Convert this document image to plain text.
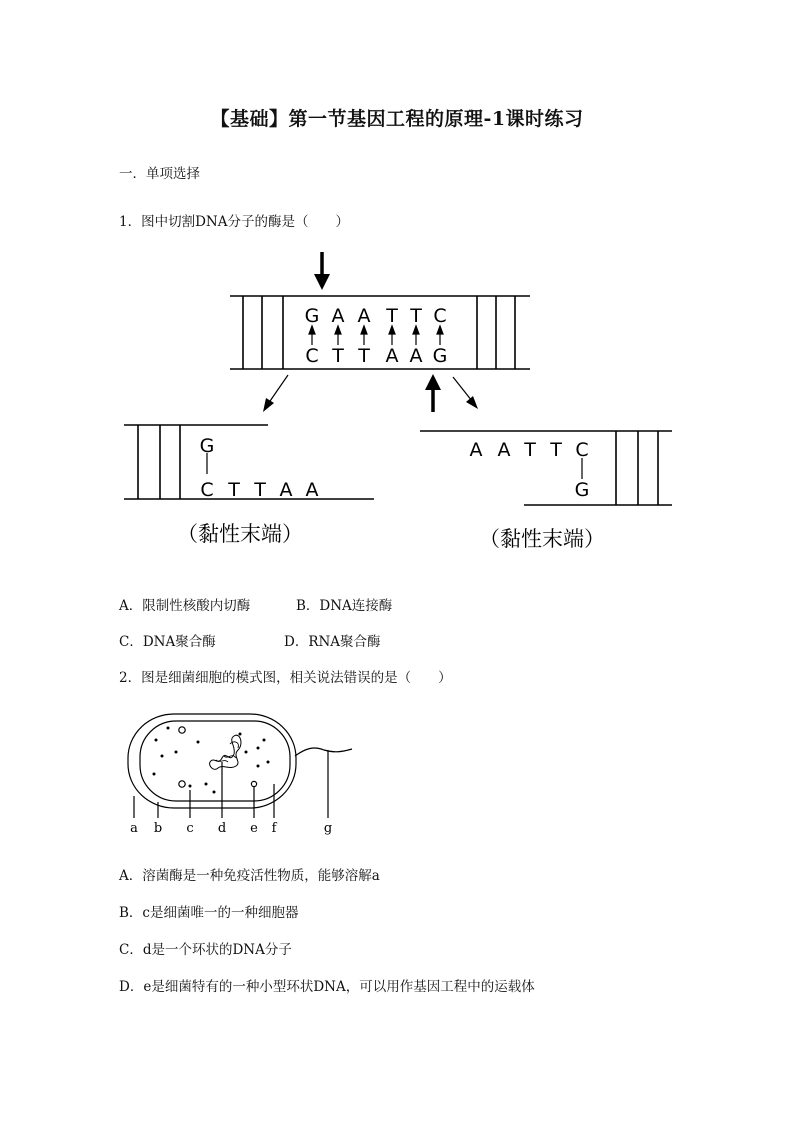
【基础】第一节基因工程的原理-1课时练习
一．单项选择
1．图中切割DNA分子的酶是（　　）
G A A T T C
C T T A A G
G
C T T A A
A A T T C
G
（黏性末端）	（黏性末端）
A．限制性核酸内切酶	B．DNA连接酶
C．DNA聚合酶	D．RNA聚合酶
2．图是细菌细胞的模式图，相关说法错误的是（　　）
a b c d e f	g
A．溶菌酶是一种免疫活性物质，能够溶解a
B．c是细菌唯一的一种细胞器
C．d是一个环状的DNA分子
D．e是细菌特有的一种小型环状DNA，可以用作基因工程中的运载体
